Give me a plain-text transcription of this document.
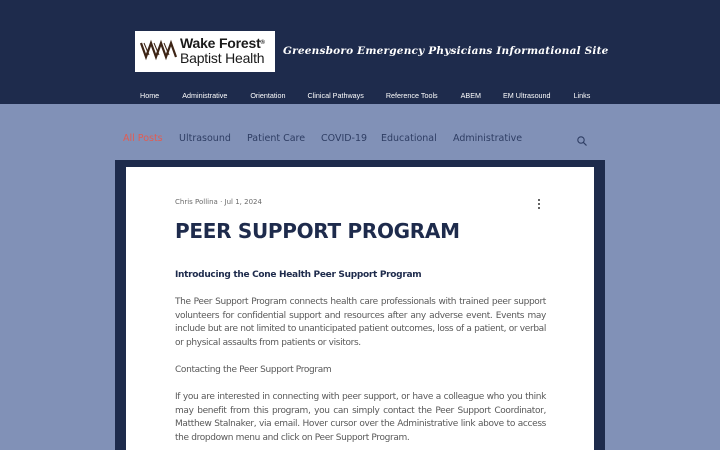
Wake Forest®
Baptist Health Greensboro Emergency Physicians Informational Site
Home	Administrative	Orientation	Clinical Pathways	Reference Tools	ABEM	EM Ultrasound	Links
All Posts Ultrasound Patient Care COVID-19 Educational Administrative
Chris Pollina · Jul 1, 2024
PEER SUPPORT PROGRAM
Introducing the Cone Health Peer Support Program

The Peer Support Program connects health care professionals with trained peer support volunteers for confidential support and resources after any adverse event. Events may include but are not limited to unanticipated patient outcomes, loss of a patient, or verbal or physical assaults from patients or visitors.

Contacting the Peer Support Program

If you are interested in connecting with peer support, or have a colleague who you think may benefit from this program, you can simply contact the Peer Support Coordinator, Matthew Stalnaker, via email. Hover cursor over the Administrative link above to access the dropdown menu and click on Peer Support Program.
